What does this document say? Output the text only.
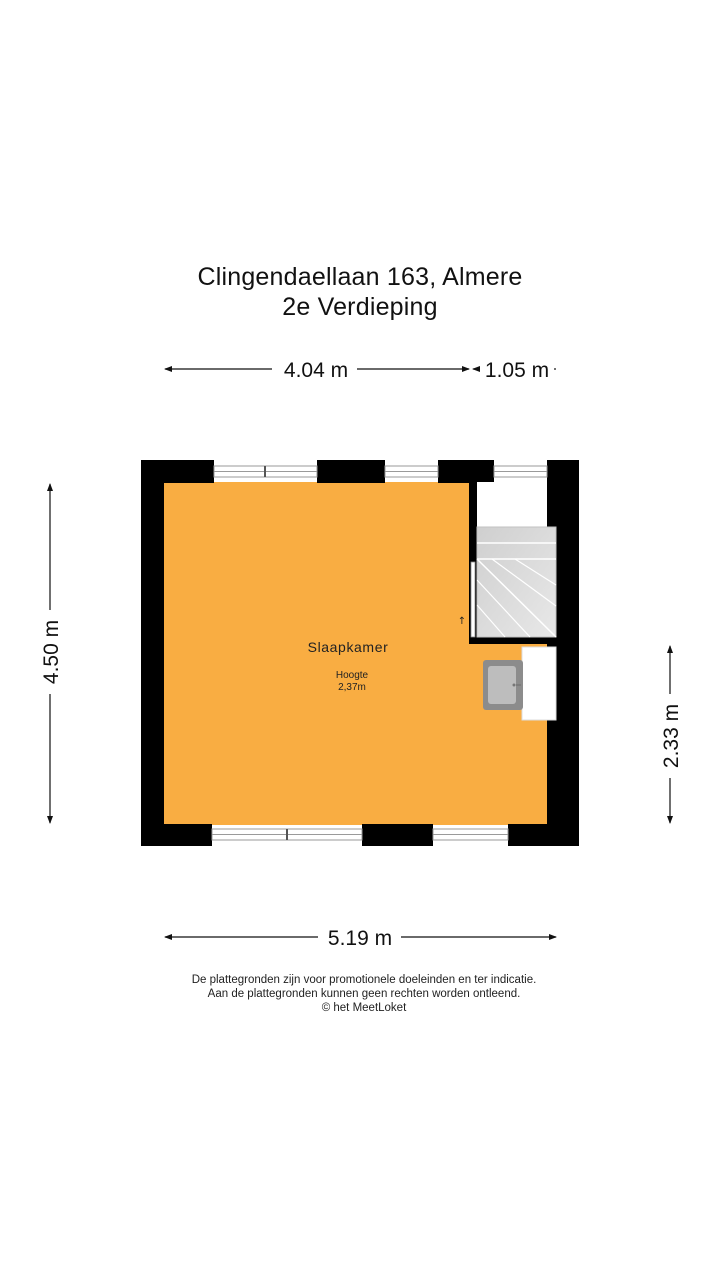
Clingendaellaan 163, Almere
2e Verdieping
↑
Slaapkamer
Hoogte
2,37m
4.04 m	1.05 m
4.50 m
2.33 m
5.19 m
De plattegronden zijn voor promotionele doeleinden en ter indicatie.
Aan de plattegronden kunnen geen rechten worden ontleend.
© het MeetLoket
